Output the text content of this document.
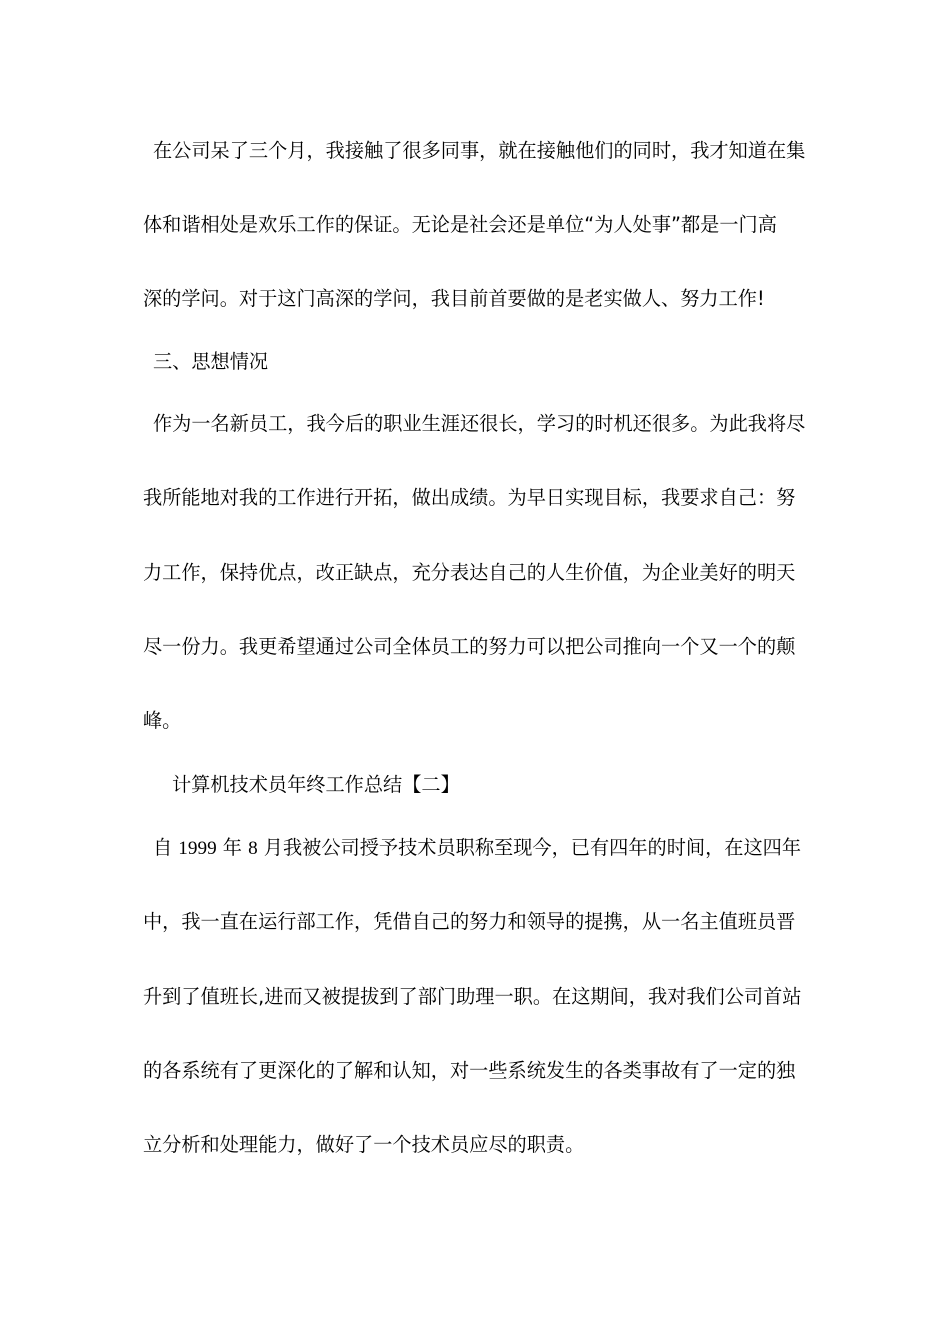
在公司呆了三个月，我接触了很多同事，就在接触他们的同时，我才知道在集
体和谐相处是欢乐工作的保证。无论是社会还是单位“为人处事”都是一门高
深的学问。对于这门高深的学问，我目前首要做的是老实做人、努力工作!
三、思想情况
作为一名新员工，我今后的职业生涯还很长，学习的时机还很多。为此我将尽
我所能地对我的工作进行开拓，做出成绩。为早日实现目标，我要求自己：努
力工作，保持优点，改正缺点，充分表达自己的人生价值，为企业美好的明天
尽一份力。我更希望通过公司全体员工的努力可以把公司推向一个又一个的颠
峰。
计算机技术员年终工作总结【二】
自 1999 年 8 月我被公司授予技术员职称至现今，已有四年的时间，在这四年
中，我一直在运行部工作，凭借自己的努力和领导的提携，从一名主值班员晋
升到了值班长,进而又被提拔到了部门助理一职。在这期间，我对我们公司首站
的各系统有了更深化的了解和认知，对一些系统发生的各类事故有了一定的独
立分析和处理能力，做好了一个技术员应尽的职责。
